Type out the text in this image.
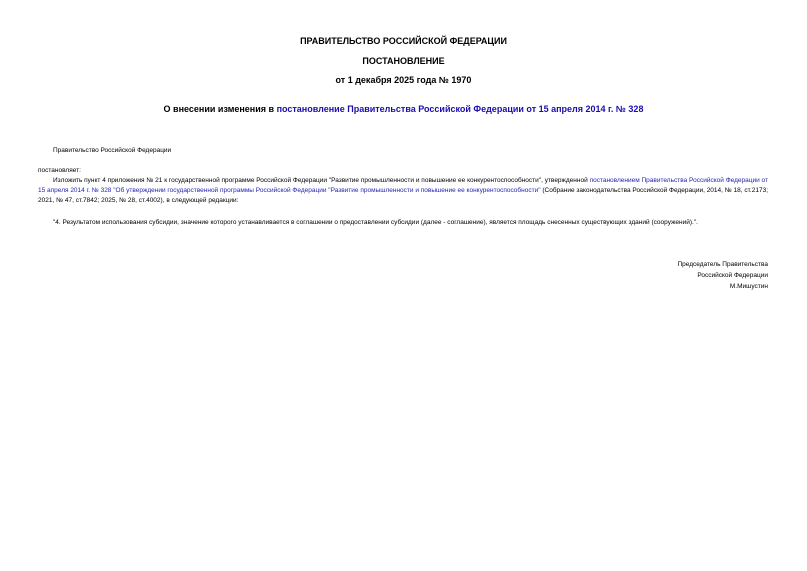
ПРАВИТЕЛЬСТВО РОССИЙСКОЙ ФЕДЕРАЦИИ
ПОСТАНОВЛЕНИЕ
от 1 декабря 2025 года № 1970
О внесении изменения в постановление Правительства Российской Федерации от 15 апреля 2014 г. № 328
Правительство Российской Федерации
постановляет:
Изложить пункт 4 приложения № 21 к государственной программе Российской Федерации "Развитие промышленности и повышение ее конкурентоспособности", утвержденной постановлением Правительства Российской Федерации от 15 апреля 2014 г. № 328 "Об утверждении государственной программы Российской Федерации "Развитие промышленности и повышение ее конкурентоспособности" (Собрание законодательства Российской Федерации, 2014, № 18, ст.2173; 2021, № 47, ст.7842; 2025, № 28, ст.4002), в следующей редакции:
"4. Результатом использования субсидии, значение которого устанавливается в соглашении о предоставлении субсидии (далее - соглашение), является площадь снесенных существующих зданий (сооружений).".
Председатель Правительства
Российской Федерации
М.Мишустин
